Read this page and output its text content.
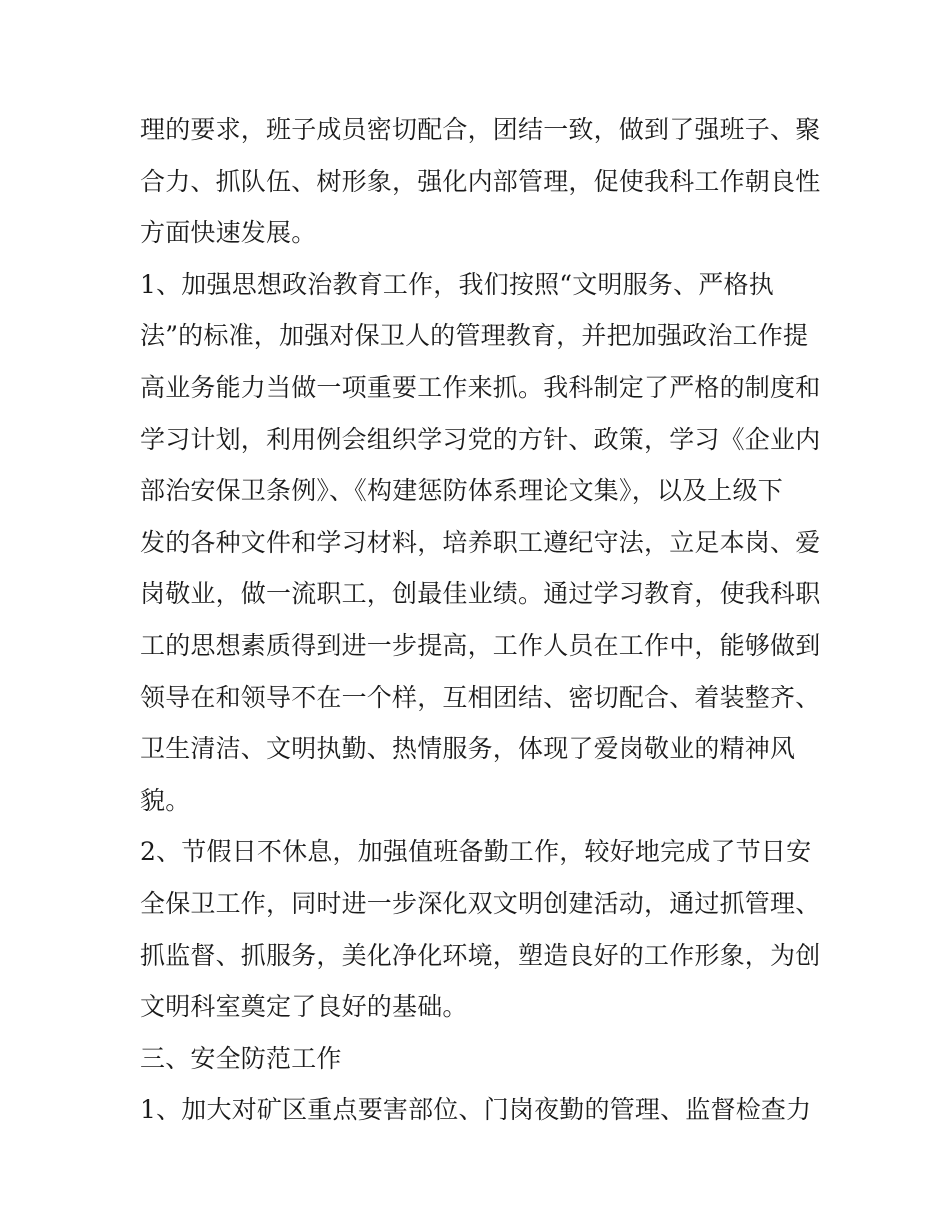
理的要求，班子成员密切配合，团结一致，做到了强班子、聚
合力、抓队伍、树形象，强化内部管理，促使我科工作朝良性
方面快速发展。
1、加强思想政治教育工作，我们按照“文明服务、严格执
法”的标准，加强对保卫人的管理教育，并把加强政治工作提
高业务能力当做一项重要工作来抓。我科制定了严格的制度和
学习计划，利用例会组织学习党的方针、政策，学习《企业内
部治安保卫条例》、《构建惩防体系理论文集》，以及上级下
发的各种文件和学习材料，培养职工遵纪守法，立足本岗、爱
岗敬业，做一流职工，创最佳业绩。通过学习教育，使我科职
工的思想素质得到进一步提高，工作人员在工作中，能够做到
领导在和领导不在一个样，互相团结、密切配合、着装整齐、
卫生清洁、文明执勤、热情服务，体现了爱岗敬业的精神风
貌。
2、节假日不休息，加强值班备勤工作，较好地完成了节日安
全保卫工作，同时进一步深化双文明创建活动，通过抓管理、
抓监督、抓服务，美化净化环境，塑造良好的工作形象，为创
文明科室奠定了良好的基础。
三、安全防范工作
1、加大对矿区重点要害部位、门岗夜勤的管理、监督检查力
